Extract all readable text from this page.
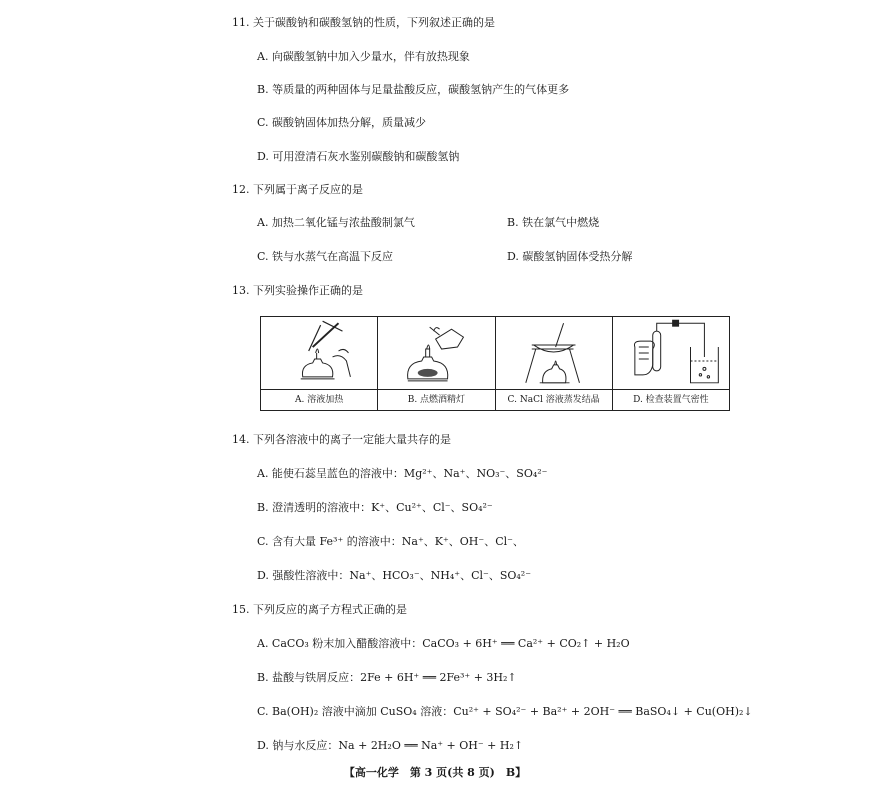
11. 关于碳酸钠和碳酸氢钠的性质，下列叙述正确的是
A. 向碳酸氢钠中加入少量水，伴有放热现象
B. 等质量的两种固体与足量盐酸反应，碳酸氢钠产生的气体更多
C. 碳酸钠固体加热分解，质量减少
D. 可用澄清石灰水鉴别碳酸钠和碳酸氢钠
12. 下列属于离子反应的是
A. 加热二氧化锰与浓盐酸制氯气	B. 铁在氯气中燃烧
C. 铁与水蒸气在高温下反应	D. 碳酸氢钠固体受热分解
13. 下列实验操作正确的是
A. 溶液加热	B. 点燃酒精灯	C. NaCl 溶液蒸发结晶	D. 检查装置气密性
14. 下列各溶液中的离子一定能大量共存的是
A. 能使石蕊呈蓝色的溶液中：Mg²⁺、Na⁺、NO₃⁻、SO₄²⁻
B. 澄清透明的溶液中：K⁺、Cu²⁺、Cl⁻、SO₄²⁻
C. 含有大量 Fe³⁺ 的溶液中：Na⁺、K⁺、OH⁻、Cl⁻、
D. 强酸性溶液中：Na⁺、HCO₃⁻、NH₄⁺、Cl⁻、SO₄²⁻
15. 下列反应的离子方程式正确的是
A. CaCO₃ 粉末加入醋酸溶液中：CaCO₃ + 6H⁺ ══ Ca²⁺ + CO₂↑ + H₂O
B. 盐酸与铁屑反应：2Fe + 6H⁺ ══ 2Fe³⁺ + 3H₂↑
C. Ba(OH)₂ 溶液中滴加 CuSO₄ 溶液：Cu²⁺ + SO₄²⁻ + Ba²⁺ + 2OH⁻ ══ BaSO₄↓ + Cu(OH)₂↓
D. 钠与水反应：Na + 2H₂O ══ Na⁺ + OH⁻ + H₂↑
【高一化学　第 3 页(共 8 页)　B】
